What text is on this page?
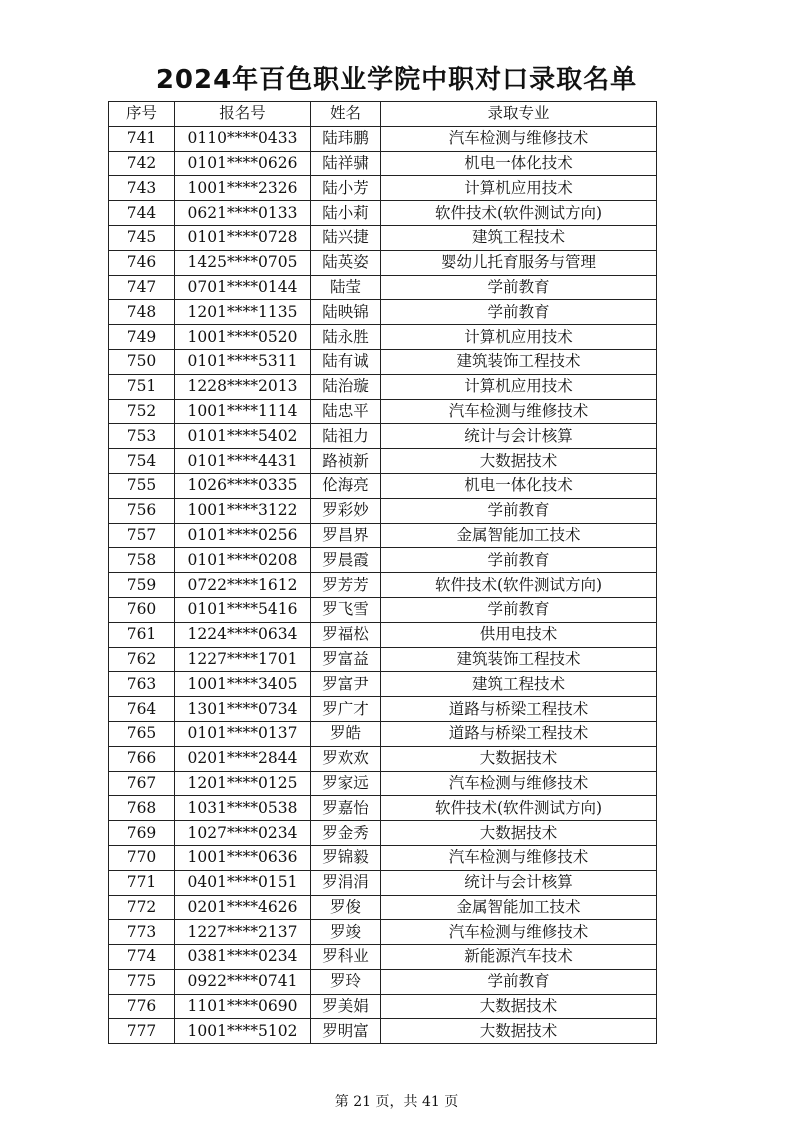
2024年百色职业学院中职对口录取名单
序号	报名号	姓名	录取专业
741	0110****0433	陆玮鹏	汽车检测与维修技术
742	0101****0626	陆祥骕	机电一体化技术
743	1001****2326	陆小芳	计算机应用技术
744	0621****0133	陆小莉	软件技术(软件测试方向)
745	0101****0728	陆兴捷	建筑工程技术
746	1425****0705	陆英姿	婴幼儿托育服务与管理
747	0701****0144	陆莹	学前教育
748	1201****1135	陆映锦	学前教育
749	1001****0520	陆永胜	计算机应用技术
750	0101****5311	陆有诚	建筑装饰工程技术
751	1228****2013	陆治璇	计算机应用技术
752	1001****1114	陆忠平	汽车检测与维修技术
753	0101****5402	陆祖力	统计与会计核算
754	0101****4431	路祯新	大数据技术
755	1026****0335	伦海亮	机电一体化技术
756	1001****3122	罗彩妙	学前教育
757	0101****0256	罗昌界	金属智能加工技术
758	0101****0208	罗晨霞	学前教育
759	0722****1612	罗芳芳	软件技术(软件测试方向)
760	0101****5416	罗飞雪	学前教育
761	1224****0634	罗福松	供用电技术
762	1227****1701	罗富益	建筑装饰工程技术
763	1001****3405	罗富尹	建筑工程技术
764	1301****0734	罗广才	道路与桥梁工程技术
765	0101****0137	罗皓	道路与桥梁工程技术
766	0201****2844	罗欢欢	大数据技术
767	1201****0125	罗家远	汽车检测与维修技术
768	1031****0538	罗嘉怡	软件技术(软件测试方向)
769	1027****0234	罗金秀	大数据技术
770	1001****0636	罗锦毅	汽车检测与维修技术
771	0401****0151	罗涓涓	统计与会计核算
772	0201****4626	罗俊	金属智能加工技术
773	1227****2137	罗竣	汽车检测与维修技术
774	0381****0234	罗科业	新能源汽车技术
775	0922****0741	罗玲	学前教育
776	1101****0690	罗美娟	大数据技术
777	1001****5102	罗明富	大数据技术
第 21 页，共 41 页
